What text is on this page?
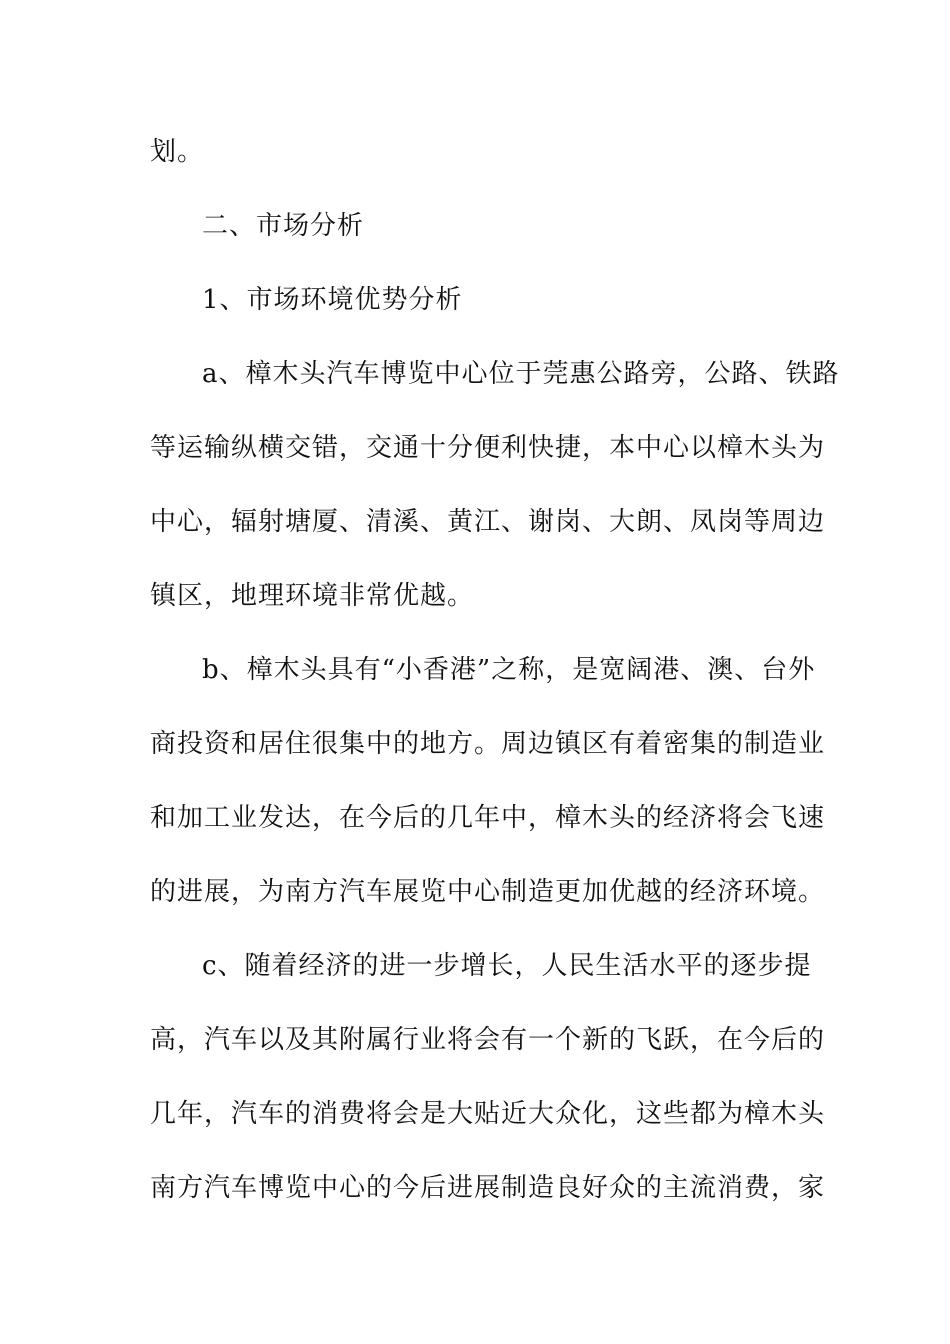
划。
二、市场分析
1、市场环境优势分析
a、樟木头汽车博览中心位于莞惠公路旁，公路、铁路
等运输纵横交错，交通十分便利快捷，本中心以樟木头为
中心，辐射塘厦、清溪、黄江、谢岗、大朗、凤岗等周边
镇区，地理环境非常优越。
b、樟木头具有“小香港”之称，是宽阔港、澳、台外
商投资和居住很集中的地方。周边镇区有着密集的制造业
和加工业发达，在今后的几年中，樟木头的经济将会飞速
的进展，为南方汽车展览中心制造更加优越的经济环境。
c、随着经济的进一步增长，人民生活水平的逐步提
高，汽车以及其附属行业将会有一个新的飞跃，在今后的
几年，汽车的消费将会是大贴近大众化，这些都为樟木头
南方汽车博览中心的今后进展制造良好众的主流消费，家
